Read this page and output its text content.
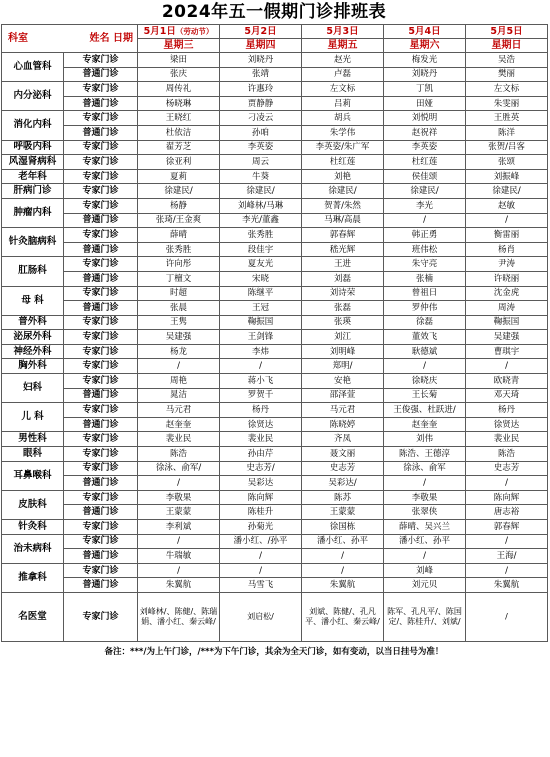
2024年五一假期门诊排班表
科室 姓名 日期		5月1日（劳动节）	5月2日	5月3日	5月4日	5月5日
		星期三	星期四	星期五	星期六	星期日
心血管科	专家门诊	梁田	刘晓丹	赵光	梅发光	吴浩
	普通门诊	张庆	张靖	卢磊	刘晓丹	樊丽
内分泌科	专家门诊	周传礼	许惠玲	左文标	丁凯	左文标
	普通门诊	杨晓琳	贾静静	吕莉	田娅	朱雯丽
消化内科	专家门诊	王晓红	刁凌云	胡兵	刘悦明	王胜英
	普通门诊	杜依洁	孙咱	朱学伟	赵祝祥	陈洋
呼吸内科	专家门诊	翟芳芝	李英姿	李英姿/朱广军	李英姿	张贺/吕客
风湿肾病科	专家门诊	徐亚利	周云	杜红莲	杜红莲	张颂
老年科	专家门诊	夏莉	牛葵	刘艳	侯佳颂	刘振峰
肝病门诊	专家门诊	徐建民/	徐建民/	徐建民/	徐建民/	徐建民/
肿瘤内科	专家门诊	杨静	刘峰林/马琳	贺菁/朱然	李光	赵敏
	普通门诊	张琦/王金爽	李光/董鑫	马琳/高晨	/	/
针灸脑病科	专家门诊	薛晴	张秀胜	郭春辉	韩正勇	衡雷丽
	普通门诊	张秀胜	段佳宇	嵇光辉	班伟松	杨肖
肛肠科	专家门诊	许向彤	夏友光	王进	朱守亮	尹涛
	普通门诊	丁檀文	宋晓	刘磊	张楠	许晓丽
母 科	专家门诊	时超	陈继平	刘诗荣	曾祖日	沈金虎
	普通门诊	张晨	王冠	张磊	罗仲伟	周涛
普外科	专家门诊	王隽	鞠振国	张瑛	徐磊	鞠振国
泌尿外科	专家门诊	吴建强	王剑锋	刘江	董效飞	吴建强
神经外科	专家门诊	杨龙	李炜	刘明峰	耿德斌	曹琪宇
胸外科	专家门诊	/	/	郑明/	/	/
妇科	专家门诊	周艳	蒋小飞	安艳	徐晓庆	欧晓青
	普通门诊	晁洁	罗贺千	邵泽萱	王长菊	邓天琦
儿 科	专家门诊	马元君	杨丹	马元君	王俊强、杜跃进/	杨丹
	普通门诊	赵奎奎	徐贤达	陈晓婷	赵奎奎	徐贤达
男性科	专家门诊	裴业民	裴业民	齐凤	刘伟	裴业民
眼科	专家门诊	陈浩	孙由芹	聂文丽	陈浩、王德淳	陈浩
耳鼻喉科	专家门诊	徐泳、俞军/	史志芳/	史志芳	徐泳、俞军	史志芳
	普通门诊	/	吴彩达	吴彩达/	/	/
皮肤科	专家门诊	李敬果	陈向辉	陈苏	李敬果	陈向辉
	普通门诊	王蒙蒙	陈桂升	王蒙蒙	张翠侠	唐志裕
针灸科	专家门诊	李利斌	孙菊光	徐国栋	薛晴、吴兴兰	郭春辉
治未病科	专家门诊	/	潘小红、/孙平	潘小红、孙平	潘小红、孙平	/
	普通门诊	牛瑞敏	/	/	/	王海/
推拿科	专家门诊	/	/	/	刘峰	/
	普通门诊	朱翼航	马雪飞	朱翼航	刘元贝	朱翼航
名医堂	专家门诊	刘峰林/、陈健/、陈瑞娟、潘小红、秦云峰/	刘启松/	刘斌、陈健/、孔凡平、潘小红、秦云峰/	陈军、孔凡平/、陈国定/、陈桂升/、刘斌/	/
备注：***/为上午门诊，/***为下午门诊，其余为全天门诊，如有变动，以当日挂号为准！
